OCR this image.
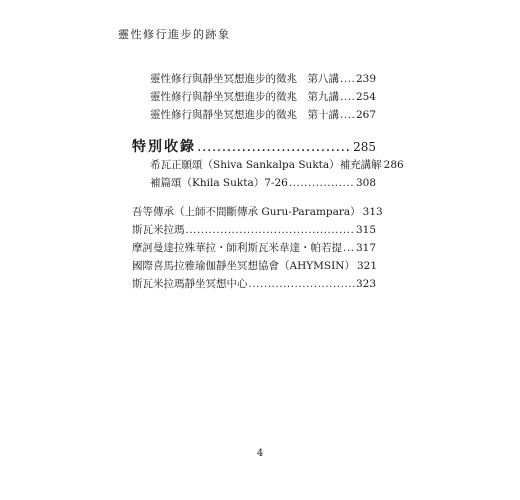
靈性修行進步的跡象
靈性修行與靜坐冥想進步的徵兆　第八講 ..... 239
靈性修行與靜坐冥想進步的徵兆　第九講 ..... 254
靈性修行與靜坐冥想進步的徵兆　第十講 ..... 267
特別收錄 .....	285
希瓦正願頌（Shiva Sankalpa Sukta）補充講解 286
補篇頌（Khila Sukta）7-26 .....	308
吾等傳承（上師不間斷傳承 Guru-Parampara） 313
斯瓦米拉瑪 .....	315
摩訶曼達拉殊華拉・師利斯瓦米韋達・帕若提 ..... 317
國際喜馬拉雅瑜伽靜坐冥想協會（AHYMSIN） 321
斯瓦米拉瑪靜坐冥想中心 .....	323
4
